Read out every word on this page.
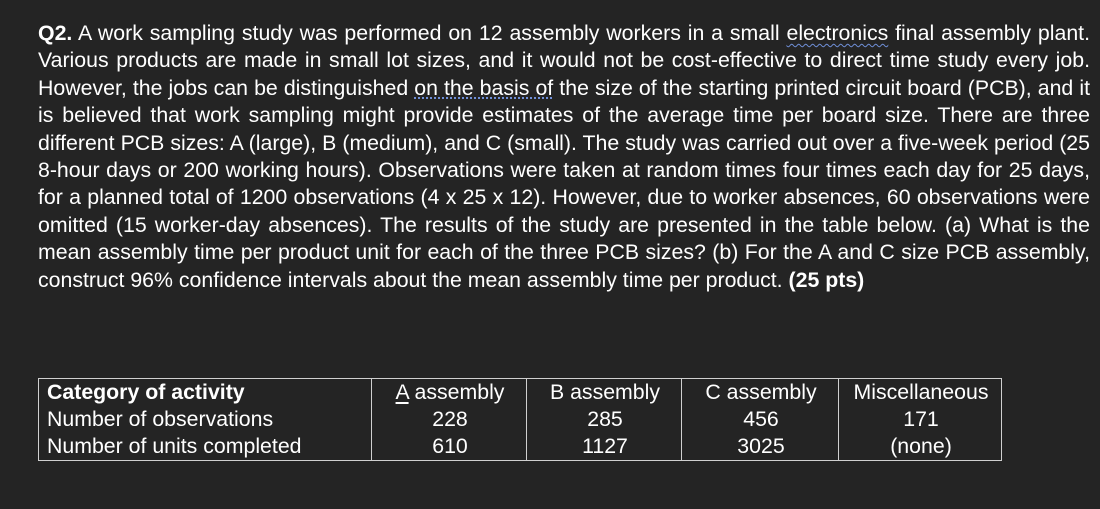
Q2. A work sampling study was performed on 12 assembly workers in a small electronics final assembly plant. Various products are made in small lot sizes, and it would not be cost-effective to direct time study every job. However, the jobs can be distinguished on the basis of the size of the starting printed circuit board (PCB), and it is believed that work sampling might provide estimates of the average time per board size. There are three different PCB sizes: A (large), B (medium), and C (small). The study was carried out over a five-week period (25 8-hour days or 200 working hours). Observations were taken at random times four times each day for 25 days, for a planned total of 1200 observations (4 x 25 x 12). However, due to worker absences, 60 observations were omitted (15 worker-day absences). The results of the study are presented in the table below. (a) What is the mean assembly time per product unit for each of the three PCB sizes? (b) For the A and C size PCB assembly, construct 96% confidence intervals about the mean assembly time per product. (25 pts)
Category of activity	A assembly	B assembly	C assembly	Miscellaneous
Number of observations	228	285	456	171
Number of units completed	610	1127	3025	(none)
